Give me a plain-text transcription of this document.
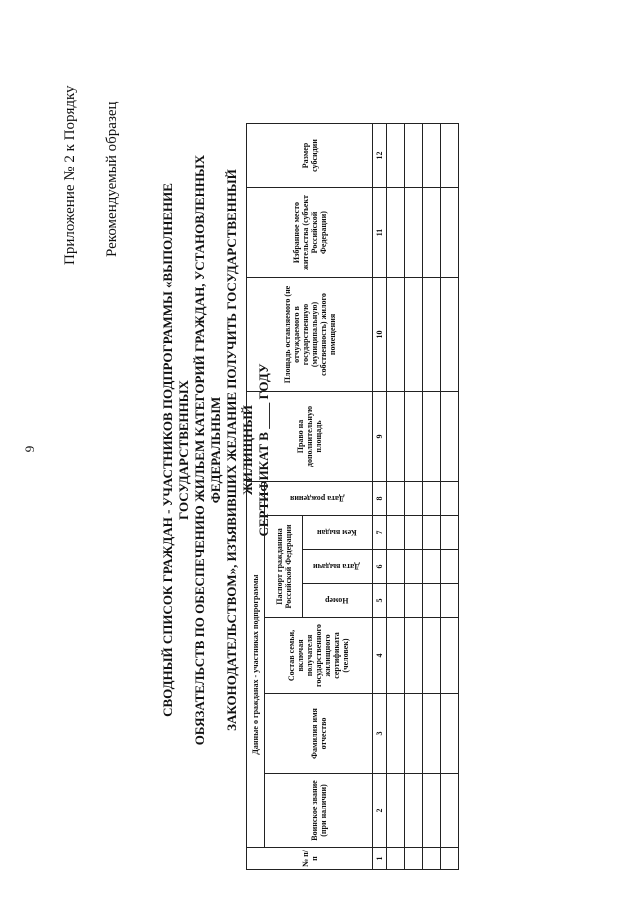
9
Приложение № 2 к Порядку Рекомендуемый образец
СВОДНЫЙ СПИСОК ГРАЖДАН - УЧАСТНИКОВ ПОДПРОГРАММЫ «ВЫПОЛНЕНИЕ ГОСУДАРСТВЕННЫХ ОБЯЗАТЕЛЬСТВ ПО ОБЕСПЕЧЕНИЮ ЖИЛЬЕМ КАТЕГОРИЙ ГРАЖДАН, УСТАНОВЛЕННЫХ ФЕДЕРАЛЬНЫМ ЗАКОНОДАТЕЛЬСТВОМ», ИЗЪЯВИВШИХ ЖЕЛАНИЕ ПОЛУЧИТЬ ГОСУДАРСТВЕННЫЙ ЖИЛИЩНЫЙ СЕРТИФИКАТ В ____ ГОДУ
№ п/п	Данные о гражданах - участниках подпрограммы							Право на дополнительную площадь	Площадь оставляемого (не отчуждаемого в государственную (муниципальную) собственность) жилого помещения	Избранное место жительства (субъект Российской Федерации)	Размер субсидии
	Воинское звание (при наличии)	Фамилия имя отчество	Состав семьи, включая получателя государственного жилищного сертификата (человек)	Паспорт гражданина Российской Федерации			Дата рождения				
				Номер	Дата выдачи	Кем выдан					
1	2	3	4	5	6	7	8	9	10	11	12
